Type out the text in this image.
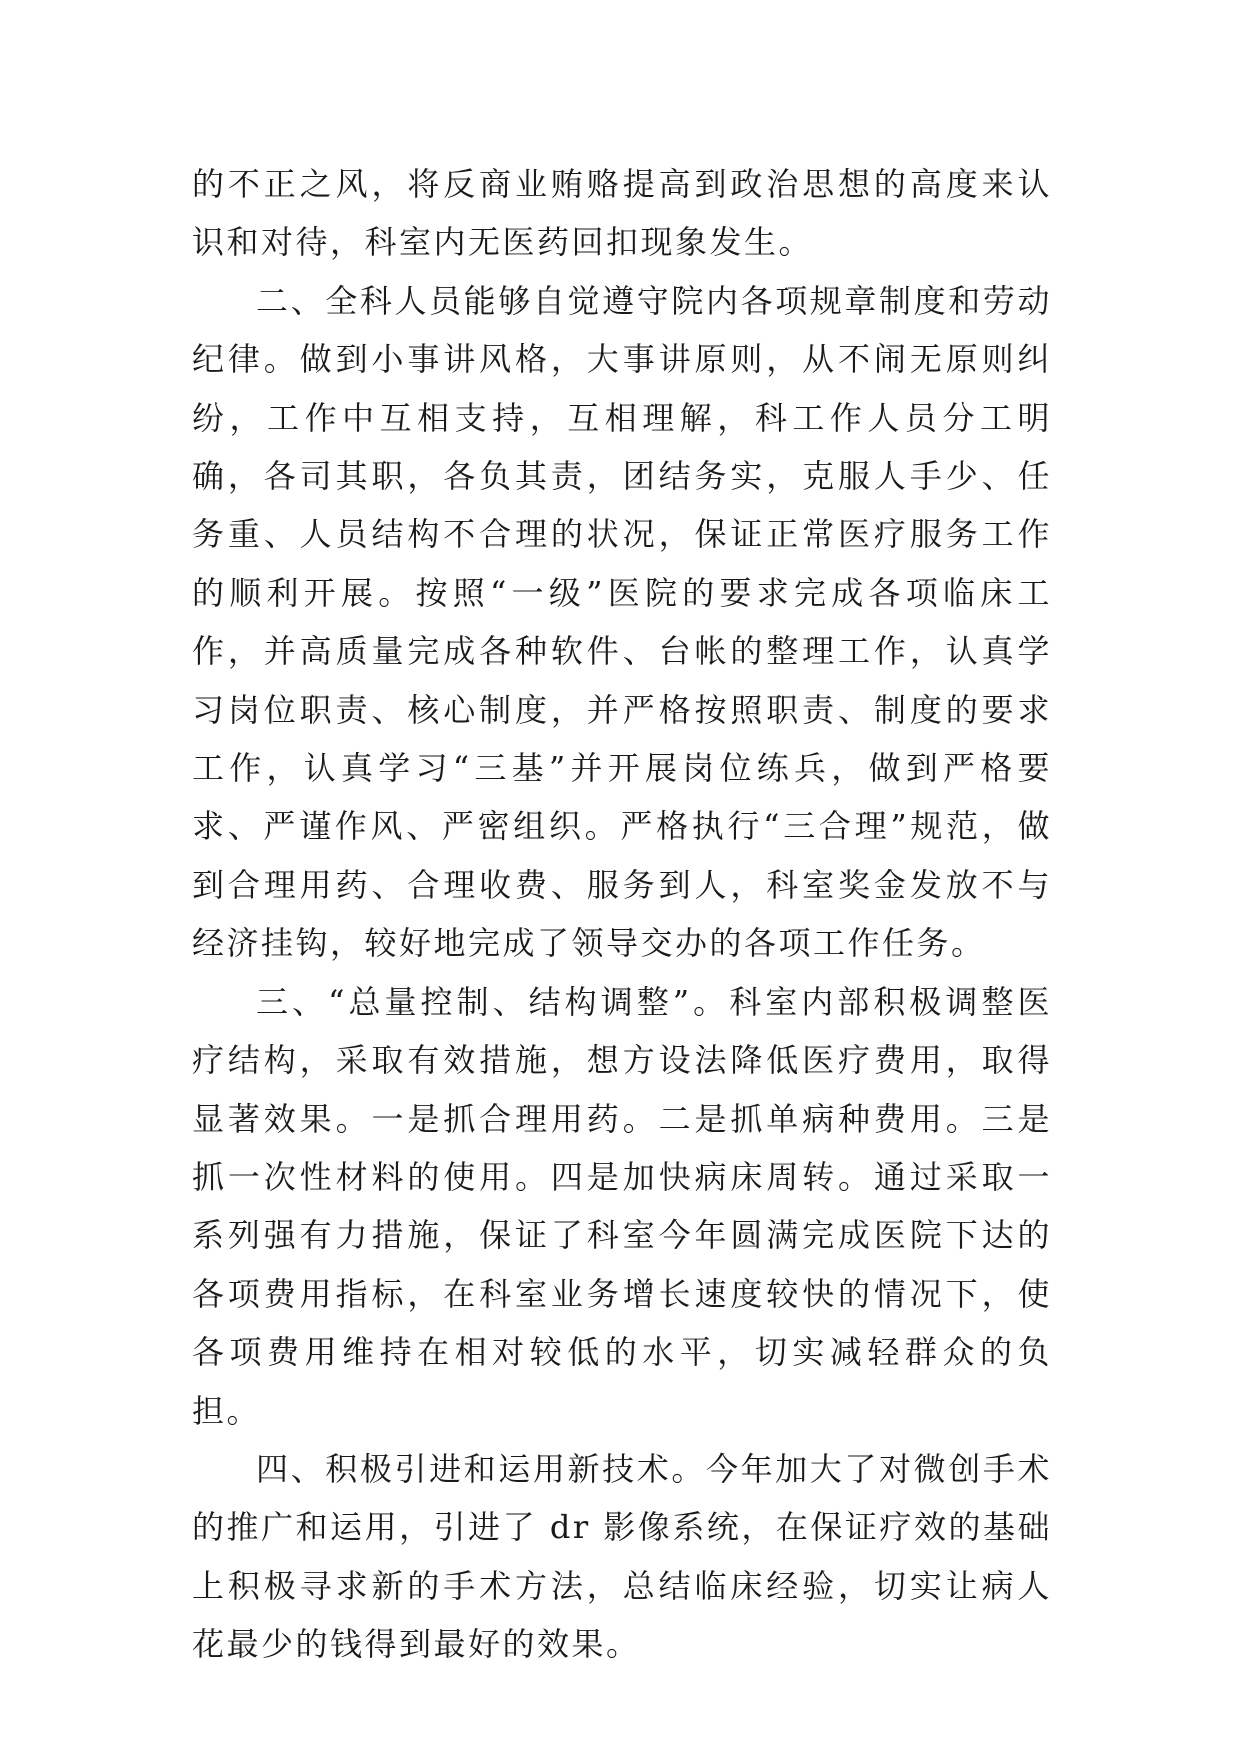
的不正之风，将反商业贿赂提高到政治思想的高度来认识和对待，科室内无医药回扣现象发生。

二、全科人员能够自觉遵守院内各项规章制度和劳动纪律。做到小事讲风格，大事讲原则，从不闹无原则纠纷，工作中互相支持，互相理解，科工作人员分工明确，各司其职，各负其责，团结务实，克服人手少、任务重、人员结构不合理的状况，保证正常医疗服务工作的顺利开展。按照“一级”医院的要求完成各项临床工作，并高质量完成各种软件、台帐的整理工作，认真学习岗位职责、核心制度，并严格按照职责、制度的要求工作，认真学习“三基”并开展岗位练兵，做到严格要求、严谨作风、严密组织。严格执行“三合理”规范，做到合理用药、合理收费、服务到人，科室奖金发放不与经济挂钩，较好地完成了领导交办的各项工作任务。

三、“总量控制、结构调整”。科室内部积极调整医疗结构，采取有效措施，想方设法降低医疗费用，取得显著效果。一是抓合理用药。二是抓单病种费用。三是抓一次性材料的使用。四是加快病床周转。通过采取一系列强有力措施，保证了科室今年圆满完成医院下达的各项费用指标，在科室业务增长速度较快的情况下，使各项费用维持在相对较低的水平，切实减轻群众的负担。

四、积极引进和运用新技术。今年加大了对微创手术的推广和运用，引进了 dr 影像系统，在保证疗效的基础上积极寻求新的手术方法，总结临床经验，切实让病人花最少的钱得到最好的效果。
